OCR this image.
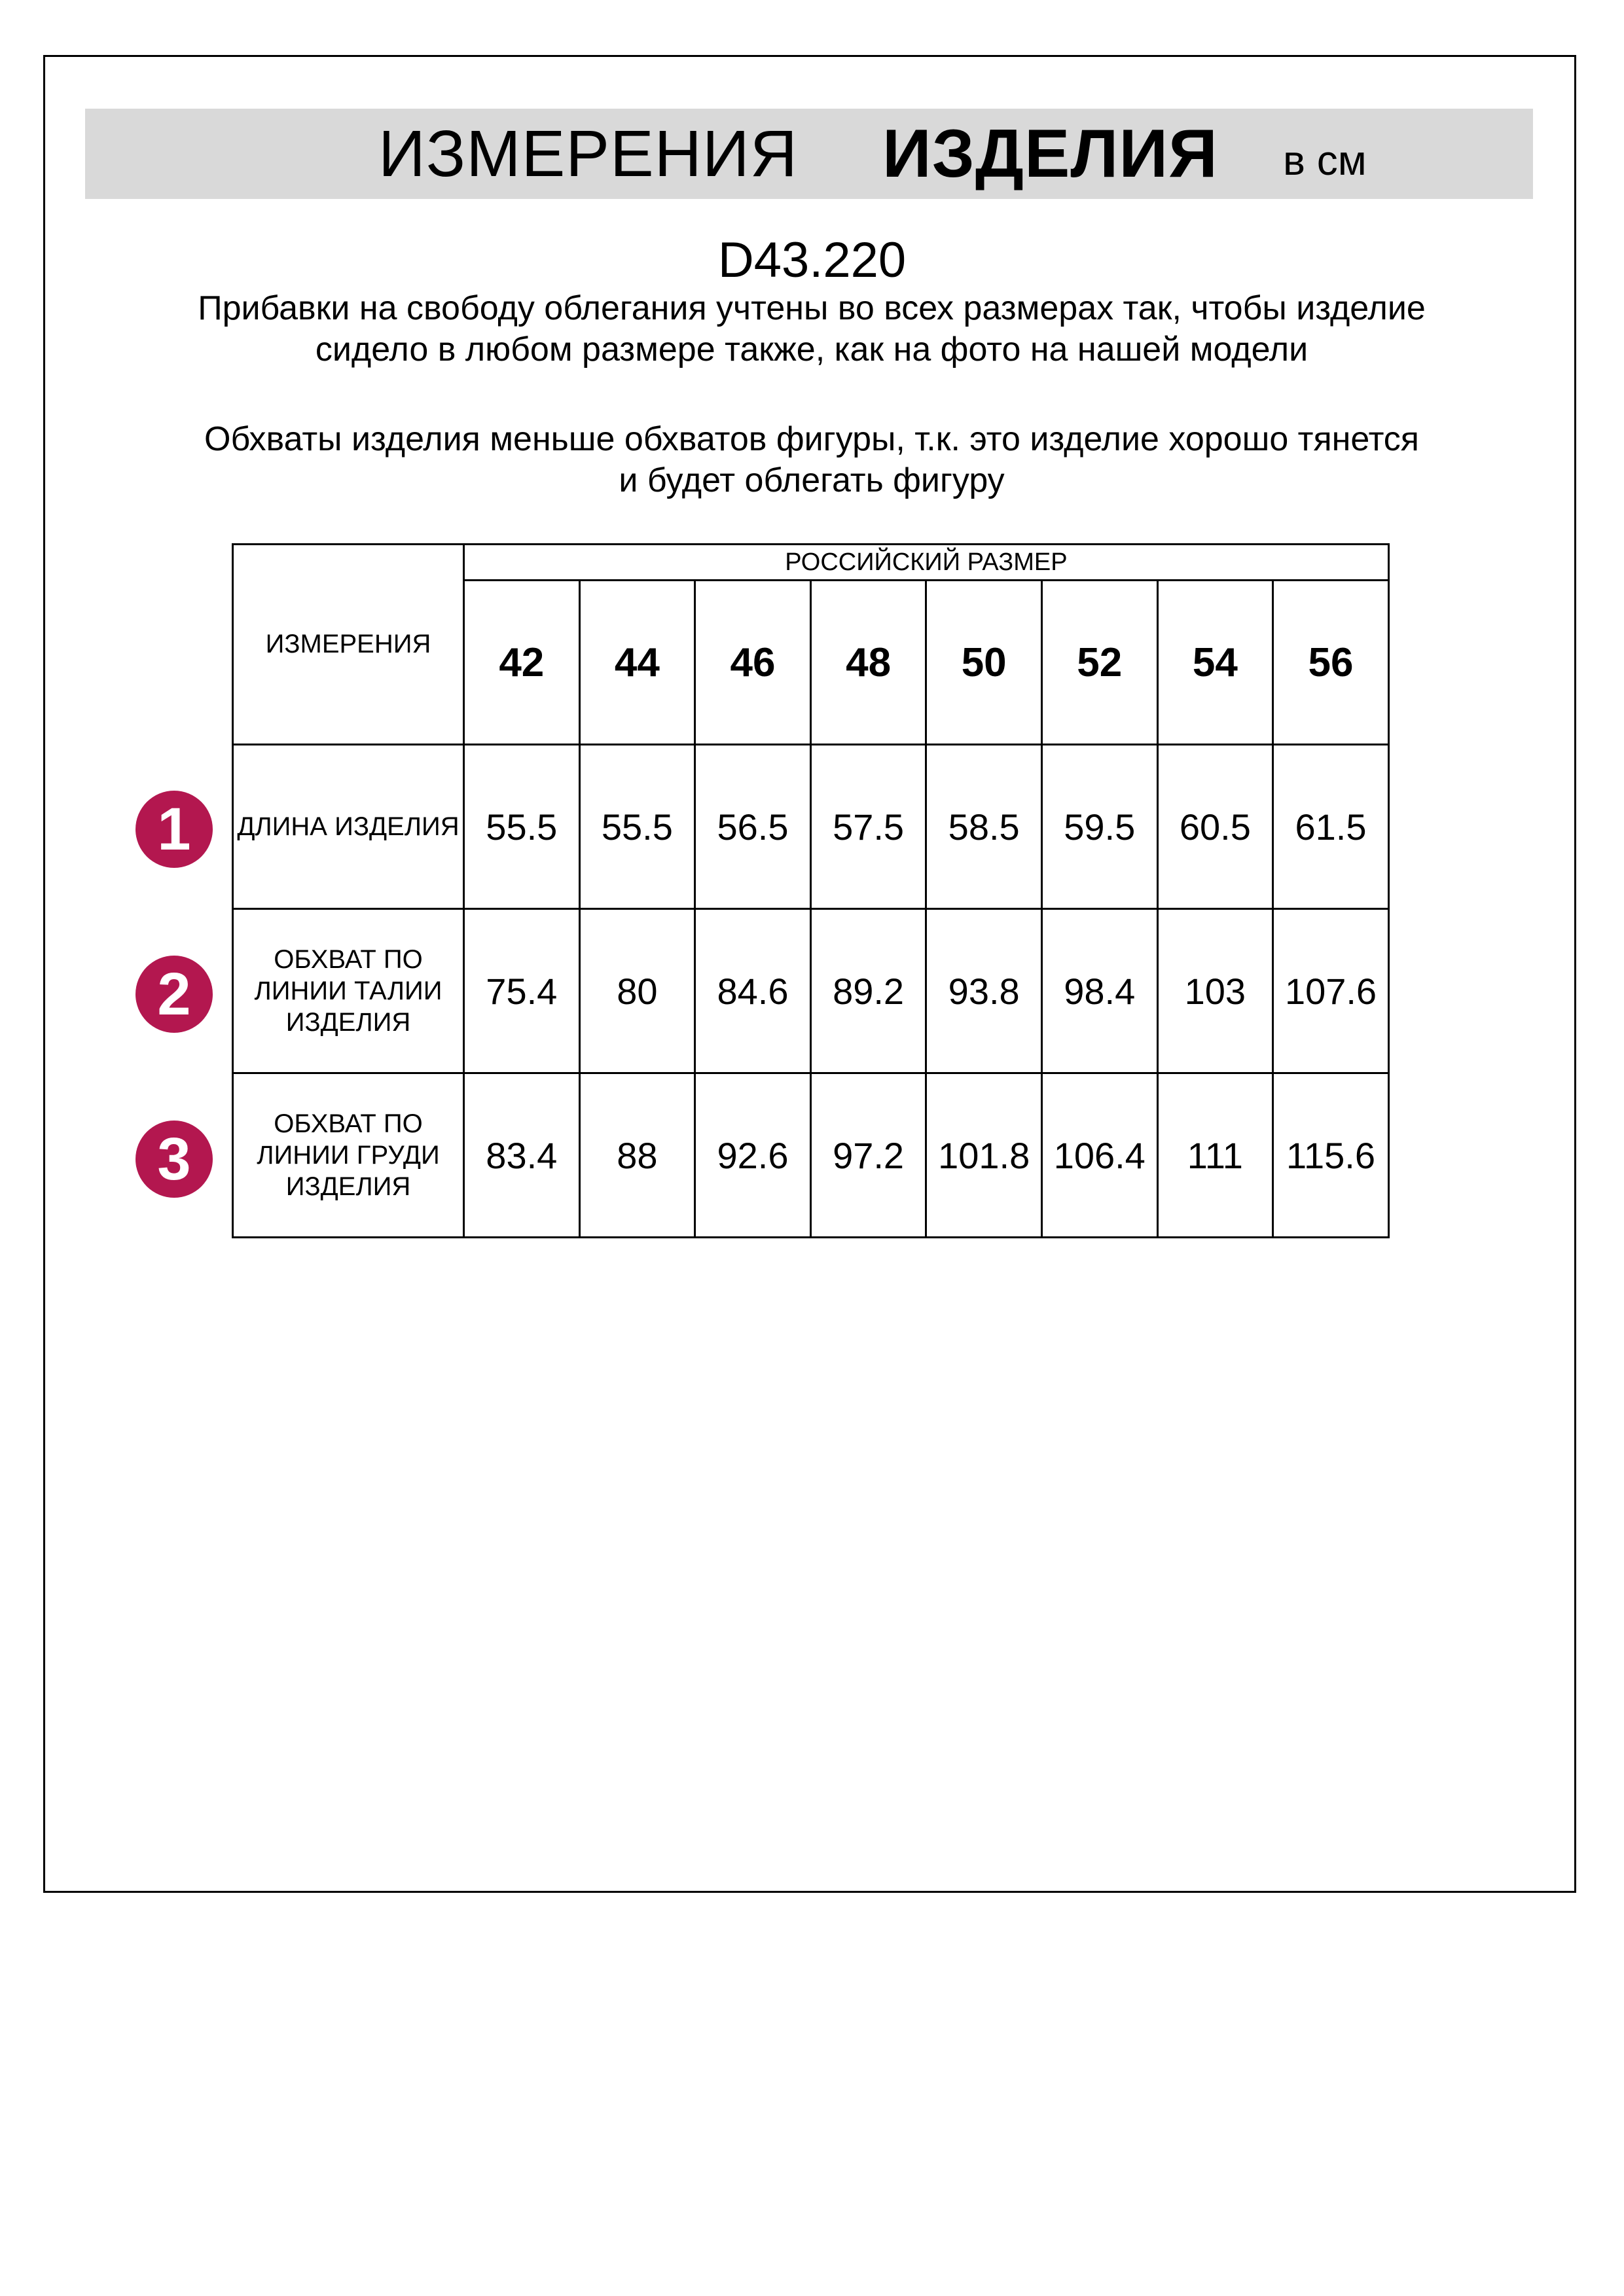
ИЗМЕРЕНИЯ ИЗДЕЛИЯ в см
D43.220
Прибавки на свободу облегания учтены во всех размерах так, чтобы изделие сидело в любом размере также, как на фото на нашей модели
Обхваты изделия меньше обхватов фигуры, т.к. это изделие хорошо тянется и будет облегать фигуру
ИЗМЕРЕНИЯ	РОССИЙСКИЙ РАЗМЕР							
	42	44	46	48	50	52	54	56
ДЛИНА ИЗДЕЛИЯ	55.5	55.5	56.5	57.5	58.5	59.5	60.5	61.5
ОБХВАТ ПО ЛИНИИ ТАЛИИ ИЗДЕЛИЯ	75.4	80	84.6	89.2	93.8	98.4	103	107.6
ОБХВАТ ПО ЛИНИИ ГРУДИ ИЗДЕЛИЯ	83.4	88	92.6	97.2	101.8	106.4	111	115.6
1
2
3
